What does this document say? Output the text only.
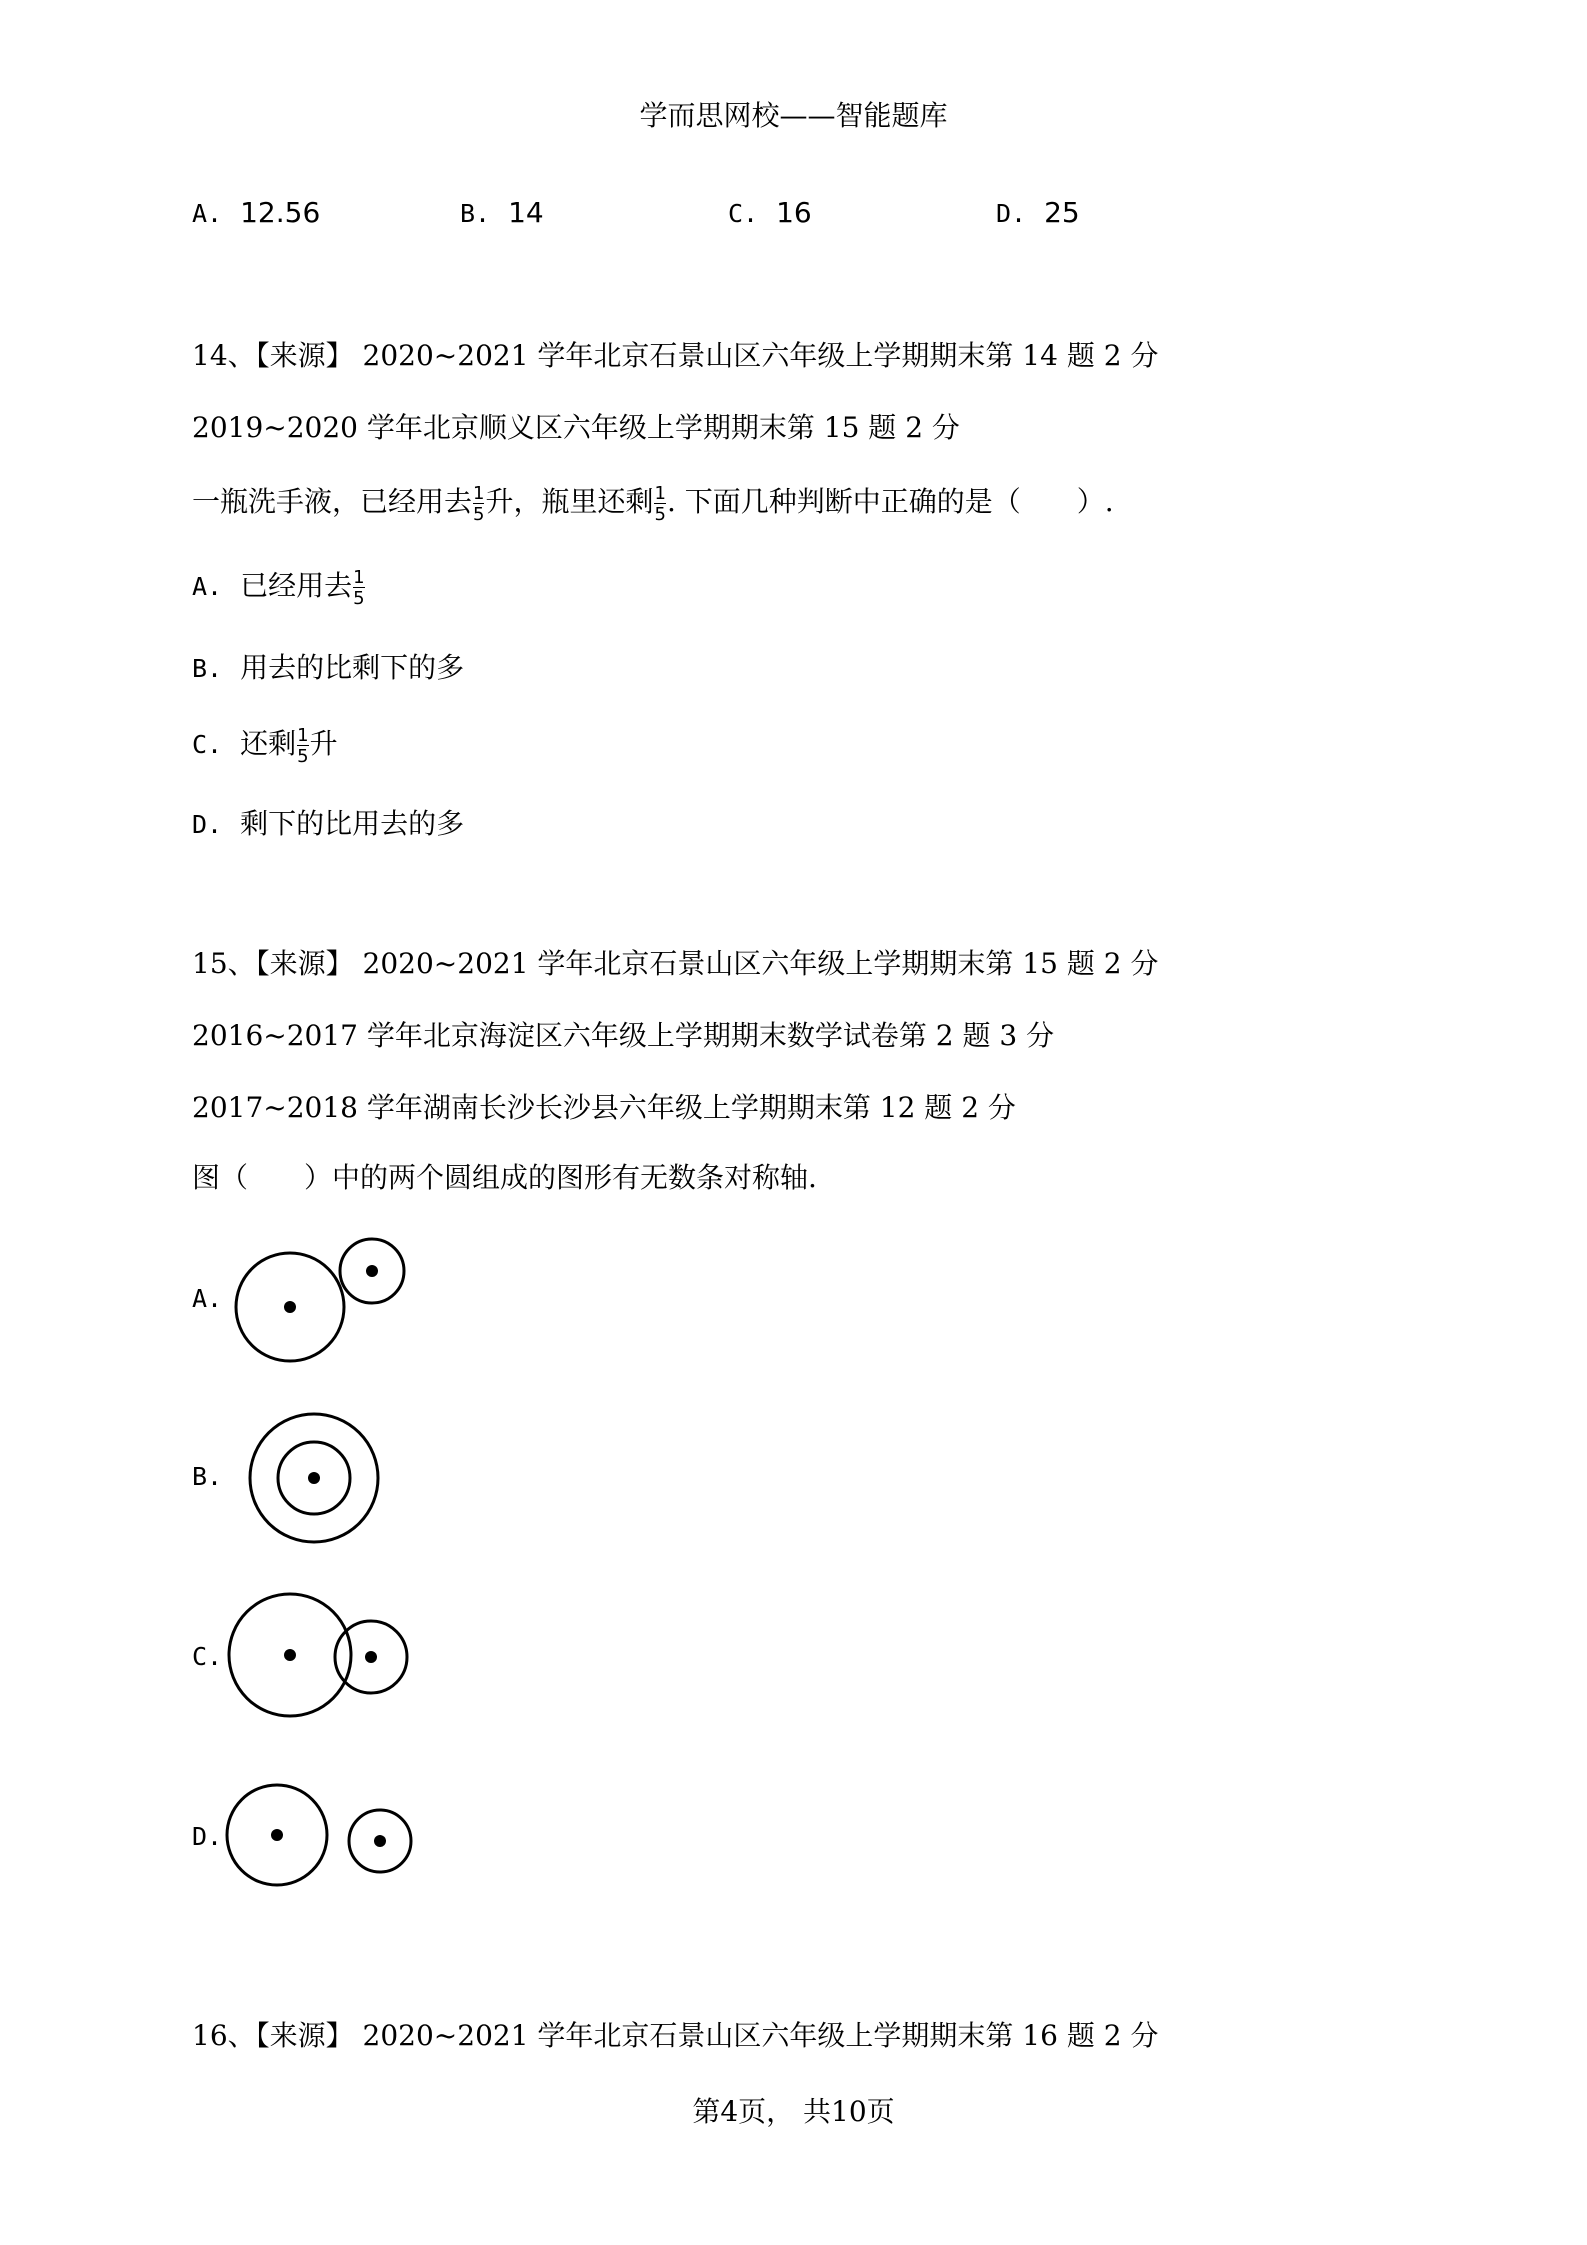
学而思网校——智能题库
A. 12.56	B. 14	C. 16	D. 25
14、【来源】 2020~2021 学年北京石景山区六年级上学期期末第 14 题 2 分
2019~2020 学年北京顺义区六年级上学期期末第 15 题 2 分
一瓶洗手液，已经用去 $\frac{1}{5}$ 升，瓶里还剩 $\frac{1}{5}$ . 下面几种判断中正确的是（　　）.
A. 已经用去 $\frac{1}{5}$
B. 用去的比剩下的多
C. 还剩 $\frac{1}{5}$ 升
D. 剩下的比用去的多
15、【来源】 2020~2021 学年北京石景山区六年级上学期期末第 15 题 2 分
2016~2017 学年北京海淀区六年级上学期期末数学试卷第 2 题 3 分
2017~2018 学年湖南长沙长沙县六年级上学期期末第 12 题 2 分
图（　　）中的两个圆组成的图形有无数条对称轴.
A.
B.
C.
D.
16、【来源】 2020~2021 学年北京石景山区六年级上学期期末第 16 题 2 分
第4页， 共10页
